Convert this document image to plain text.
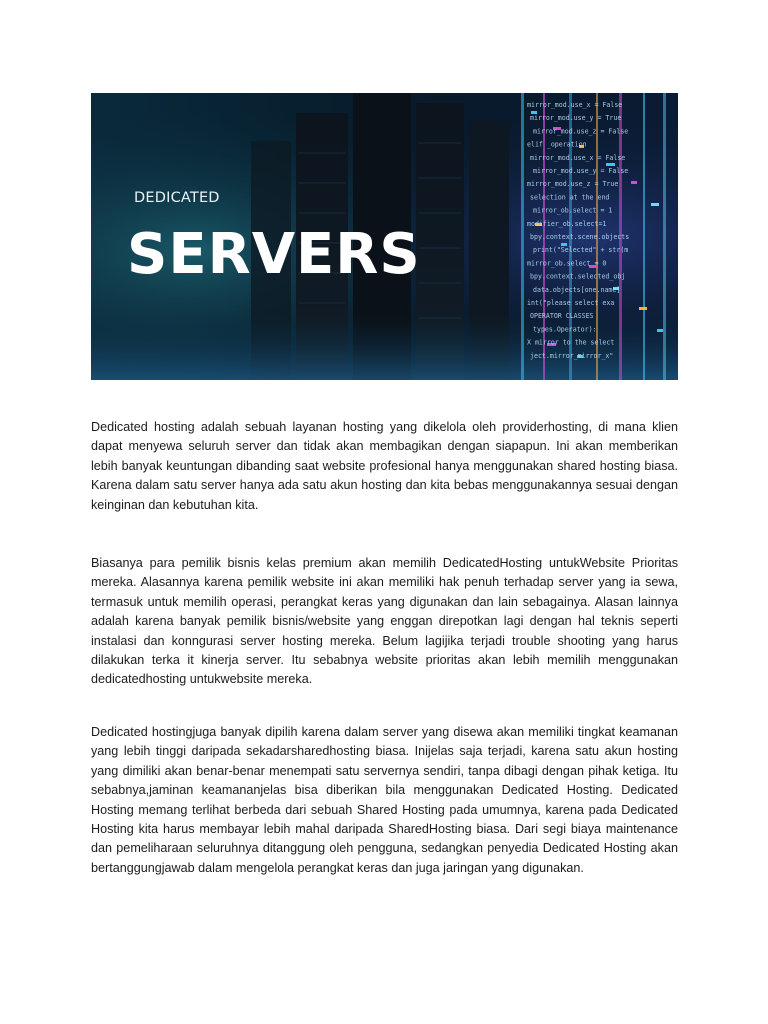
mirror_mod.use_x = False
mirror_mod.use_y = True
mirror_mod.use_z = False
elif _operation
mirror_mod.use_x = False
mirror_mod.use_y = False
mirror_mod.use_z = True
selection at the end
mirror_ob.select = 1
modifier_ob.select=1
bpy.context.scene.objects
print("Selected" + str(m
mirror_ob.select = 0
bpy.context.selected_obj
data.objects[one.name]
int("please select exa
OPERATOR CLASSES
types.Operator):
X mirror to the select
ject.mirror_mirror_x"
DEDICATED
SERVERS

Dedicated hosting adalah sebuah layanan hosting yang dikelola oleh providerhosting, di mana klien dapat menyewa seluruh server dan tidak akan membagikan dengan siapapun. Ini akan memberikan lebih banyak keuntungan dibanding saat website profesional hanya menggunakan shared hosting biasa. Karena dalam satu server hanya ada satu akun hosting dan kita bebas menggunakannya sesuai dengan keinginan dan kebutuhan kita.

Biasanya para pemilik bisnis kelas premium akan memilih DedicatedHosting untukWebsite Prioritas mereka. Alasannya karena pemilik website ini akan memiliki hak penuh terhadap server yang ia sewa, termasuk untuk memilih operasi, perangkat keras yang digunakan dan lain sebagainya. Alasan lainnya adalah karena banyak pemilik bisnis/website yang enggan direpotkan lagi dengan hal teknis seperti instalasi dan konngurasi server hosting mereka. Belum lagijika terjadi trouble shooting yang harus dilakukan terka it kinerja server. Itu sebabnya website prioritas akan lebih memilih menggunakan dedicatedhosting untukwebsite mereka.

Dedicated hostingjuga banyak dipilih karena dalam server yang disewa akan memiliki tingkat keamanan yang lebih tinggi daripada sekadarsharedhosting biasa. Inijelas saja terjadi, karena satu akun hosting yang dimiliki akan benar-benar menempati satu servernya sendiri, tanpa dibagi dengan pihak ketiga. Itu sebabnya,jaminan keamananjelas bisa diberikan bila menggunakan Dedicated Hosting. Dedicated Hosting memang terlihat berbeda dari sebuah Shared Hosting pada umumnya, karena pada Dedicated Hosting kita harus membayar lebih mahal daripada SharedHosting biasa. Dari segi biaya maintenance dan pemeliharaan seluruhnya ditanggung oleh pengguna, sedangkan penyedia Dedicated Hosting akan bertanggungjawab dalam mengelola perangkat keras dan juga jaringan yang digunakan.
